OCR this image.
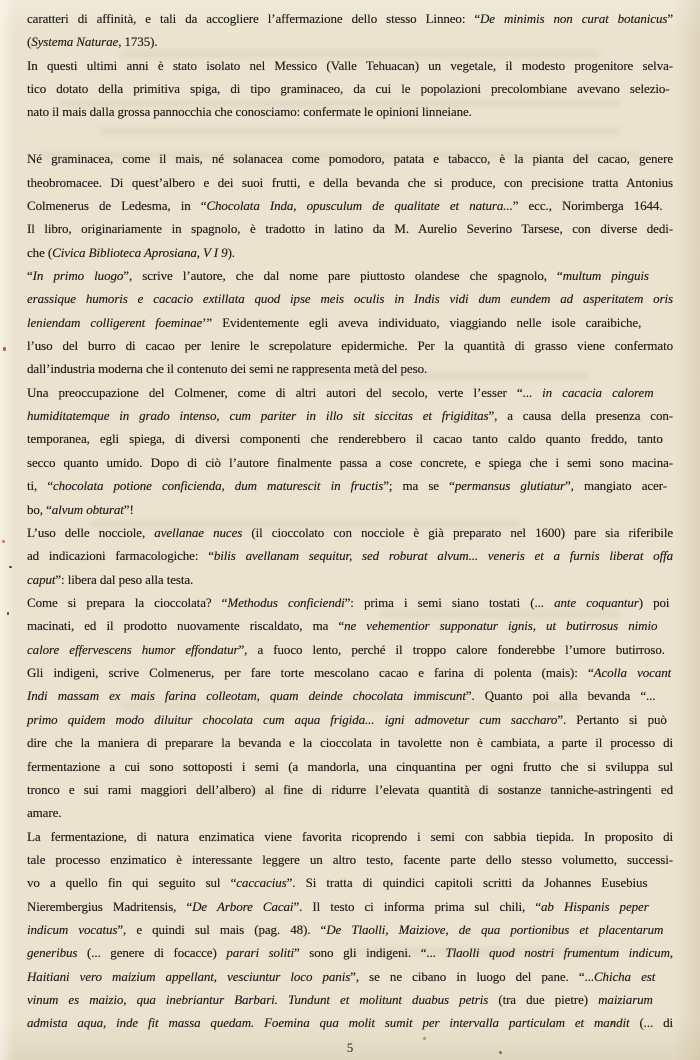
caratteri di affinità, e tali da accogliere l’affermazione dello stesso Linneo: “De minimis non curat botanicus”
(Systema Naturae, 1735).
In questi ultimi anni è stato isolato nel Messico (Valle Tehuacan) un vegetale, il modesto progenitore selva-
tico dotato della primitiva spiga, di tipo graminaceo, da cui le popolazioni precolombiane avevano selezio-
nato il mais dalla grossa pannocchia che conosciamo: confermate le opinioni linneiane.
Né graminacea, come il mais, né solanacea come pomodoro, patata e tabacco, è la pianta del cacao, genere
theobromacee. Di quest’albero e dei suoi frutti, e della bevanda che si produce, con precisione tratta Antonius
Colmenerus de Ledesma, in “Chocolata Inda, opusculum de qualitate et natura...” ecc., Norimberga 1644.
Il libro, originariamente in spagnolo, è tradotto in latino da M. Aurelio Severino Tarsese, con diverse dedi-
che (Civica Biblioteca Aprosiana, V I 9).
“In primo luogo”, scrive l’autore, che dal nome pare piuttosto olandese che spagnolo, “multum pinguis
erassique humoris e cacacio extillata quod ipse meis oculis in Indis vidi dum eundem ad asperitatem oris
leniendam colligerent foeminae’” Evidentemente egli aveva individuato, viaggiando nelle isole caraibiche,
l’uso del burro di cacao per lenire le screpolature epidermiche. Per la quantità di grasso viene confermato
dall’industria moderna che il contenuto dei semi ne rappresenta metà del peso.
Una preoccupazione del Colmener, come di altri autori del secolo, verte l’esser “... in cacacia calorem
humiditatemque in grado intenso, cum pariter in illo sit siccitas et frigiditas”, a causa della presenza con-
temporanea, egli spiega, di diversi componenti che renderebbero il cacao tanto caldo quanto freddo, tanto
secco quanto umido. Dopo di ciò l’autore finalmente passa a cose concrete, e spiega che i semi sono macina-
ti, “chocolata potione conficienda, dum maturescit in fructis”; ma se “permansus glutiatur”, mangiato acer-
bo, “alvum obturat”!
L’uso delle nocciole, avellanae nuces (il cioccolato con nocciole è già preparato nel 1600) pare sia riferibile
ad indicazioni farmacologiche: “bilis avellanam sequitur, sed roburat alvum... veneris et a furnis liberat offa
caput”: libera dal peso alla testa.
Come si prepara la cioccolata? “Methodus conficiendi”: prima i semi siano tostati (... ante coquantur) poi
macinati, ed il prodotto nuovamente riscaldato, ma “ne vehementior supponatur ignis, ut butirrosus nimio
calore effervescens humor effondatur”, a fuoco lento, perché il troppo calore fonderebbe l’umore butirroso.
Gli indigeni, scrive Colmenerus, per fare torte mescolano cacao e farina di polenta (mais): “Acolla vocant
Indi massam ex mais farina colleotam, quam deinde chocolata immiscunt”. Quanto poi alla bevanda “...
primo quidem modo diluitur chocolata cum aqua frigida... igni admovetur cum saccharo”. Pertanto si può
dire che la maniera di preparare la bevanda e la cioccolata in tavolette non è cambiata, a parte il processo di
fermentazione a cui sono sottoposti i semi (a mandorla, una cinquantina per ogni frutto che si sviluppa sul
tronco e sui rami maggiori dell’albero) al fine di ridurre l’elevata quantità di sostanze tanniche-astringenti ed
amare.
La fermentazione, di natura enzimatica viene favorita ricoprendo i semi con sabbia tiepida. In proposito di
tale processo enzimatico è interessante leggere un altro testo, facente parte dello stesso volumetto, successi-
vo a quello fin qui seguito sul “caccacius”. Si tratta di quindici capitoli scritti da Johannes Eusebius
Nierembergius Madritensis, “De Arbore Cacai”. Il testo ci informa prima sul chili, “ab Hispanis peper
indicum vocatus”, e quindi sul mais (pag. 48). “De Tlaolli, Maiziove, de qua portionibus et placentarum
generibus (... genere di focacce) parari soliti” sono gli indigeni. “... Tlaolli quod nostri frumentum indicum,
Haitiani vero maizium appellant, vesciuntur loco panis”, se ne cibano in luogo del pane. “...Chicha est
vinum es maizio, qua inebriantur Barbari. Tundunt et molitunt duabus petris (tra due pietre) maiziarum
admista aqua, inde fit massa quedam. Foemina qua molit sumit per intervalla particulam et mandit (... di
5
